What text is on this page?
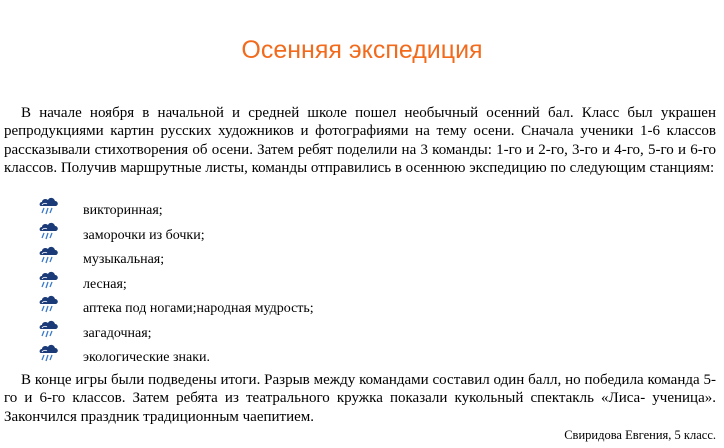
Осенняя экспедиция

В начале ноября в начальной и средней школе пошел необычный осенний бал. Класс был украшен репродукциями картин русских художников и фотографиями на тему осени. Сначала ученики 1-6 классов рассказывали стихотворения об осени. Затем ребят поделили на 3 команды: 1-го и 2-го, 3-го и 4-го, 5-го и 6-го классов. Получив маршрутные листы, команды отправились в осеннюю экспедицию по следующим станциям:

викторинная;
заморочки из бочки;
музыкальная;
лесная;
аптека под ногами;народная мудрость;
загадочная;
экологические знаки.

В конце игры были подведены итоги. Разрыв между командами составил один балл, но победила команда 5-го и 6-го классов. Затем ребята из театрального кружка показали кукольный спектакль «Лиса- ученица». Закончился праздник традиционным чаепитием.

Свиридова Евгения, 5 класс.
